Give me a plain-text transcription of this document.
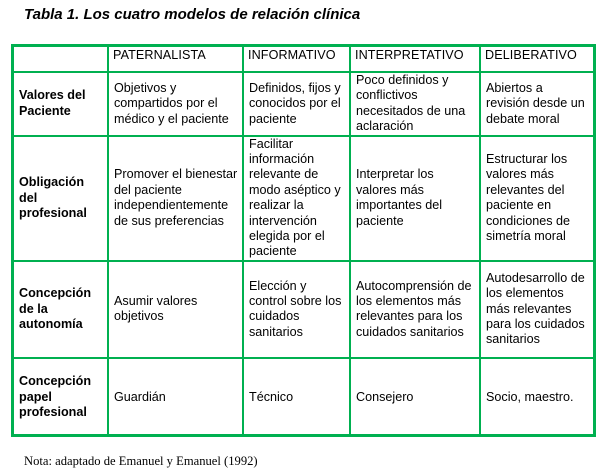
Tabla 1. Los cuatro modelos de relación clínica
	PATERNALISTA	INFORMATIVO	INTERPRETATIVO	DELIBERATIVO
Valores del Paciente	Objetivos y compartidos por el médico y el paciente	Definidos, fijos y conocidos por el paciente	Poco definidos y conflictivos necesitados de una aclaración	Abiertos a revisión desde un debate moral
Obligación del profesional	Promover el bienestar del paciente independientemente de sus preferencias	Facilitar información relevante de modo aséptico y realizar la intervención elegida por el paciente	Interpretar los valores más importantes del paciente	Estructurar los valores más relevantes del paciente en condiciones de simetría moral
Concepción de la autonomía	Asumir valores objetivos	Elección y control sobre los cuidados sanitarios	Autocomprensión de los elementos más relevantes para los cuidados sanitarios	Autodesarrollo de los elementos más relevantes para los cuidados sanitarios
Concepción papel profesional	Guardián	Técnico	Consejero	Socio, maestro.
Nota: adaptado de Emanuel y Emanuel (1992)
